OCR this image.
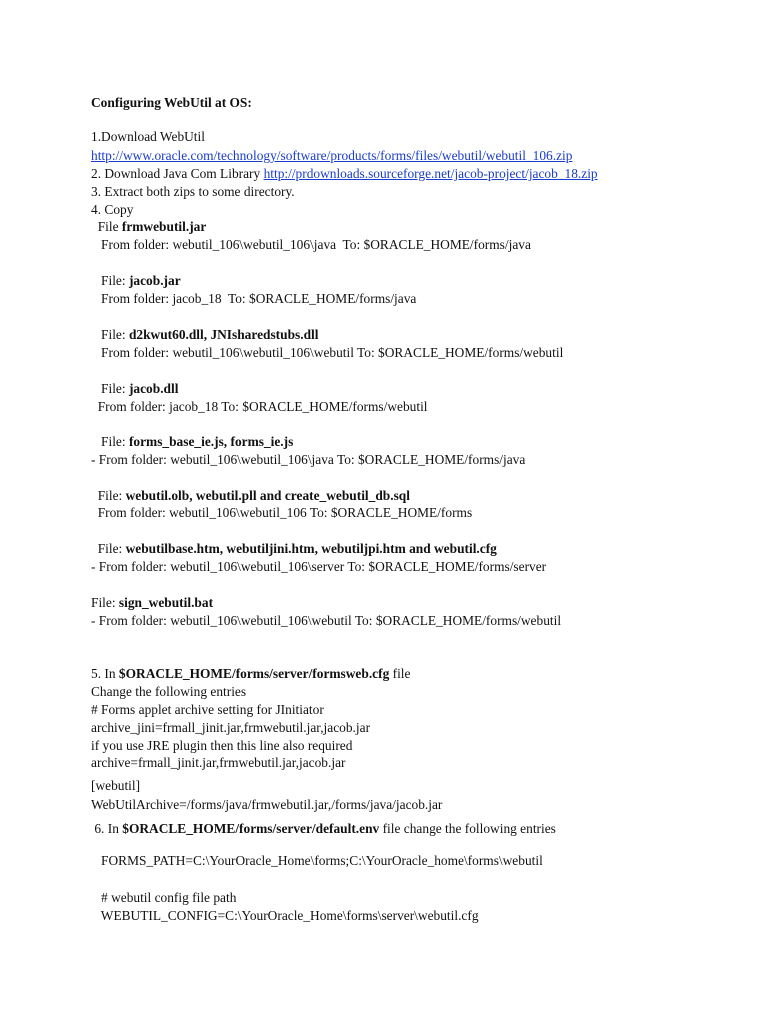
Configuring WebUtil at OS:
1.Download WebUtil
http://www.oracle.com/technology/software/products/forms/files/webutil/webutil_106.zip
2. Download Java Com Library http://prdownloads.sourceforge.net/jacob-project/jacob_18.zip
3. Extract both zips to some directory.
4. Copy
File frmwebutil.jar
From folder: webutil_106\webutil_106\java  To: $ORACLE_HOME/forms/java
File: jacob.jar
From folder: jacob_18  To: $ORACLE_HOME/forms/java
File: d2kwut60.dll, JNIsharedstubs.dll
From folder: webutil_106\webutil_106\webutil To: $ORACLE_HOME/forms/webutil
File: jacob.dll
From folder: jacob_18 To: $ORACLE_HOME/forms/webutil
File: forms_base_ie.js, forms_ie.js
- From folder: webutil_106\webutil_106\java To: $ORACLE_HOME/forms/java
File: webutil.olb, webutil.pll and create_webutil_db.sql
From folder: webutil_106\webutil_106 To: $ORACLE_HOME/forms
File: webutilbase.htm, webutiljini.htm, webutiljpi.htm and webutil.cfg
- From folder: webutil_106\webutil_106\server To: $ORACLE_HOME/forms/server
File: sign_webutil.bat
- From folder: webutil_106\webutil_106\webutil To: $ORACLE_HOME/forms/webutil
5. In $ORACLE_HOME/forms/server/formsweb.cfg file
Change the following entries
# Forms applet archive setting for JInitiator
archive_jini=frmall_jinit.jar,frmwebutil.jar,jacob.jar
if you use JRE plugin then this line also required
archive=frmall_jinit.jar,frmwebutil.jar,jacob.jar
[webutil]
WebUtilArchive=/forms/java/frmwebutil.jar,/forms/java/jacob.jar
6. In $ORACLE_HOME/forms/server/default.env file change the following entries
FORMS_PATH=C:\YourOracle_Home\forms;C:\YourOracle_home\forms\webutil
# webutil config file path
WEBUTIL_CONFIG=C:\YourOracle_Home\forms\server\webutil.cfg
